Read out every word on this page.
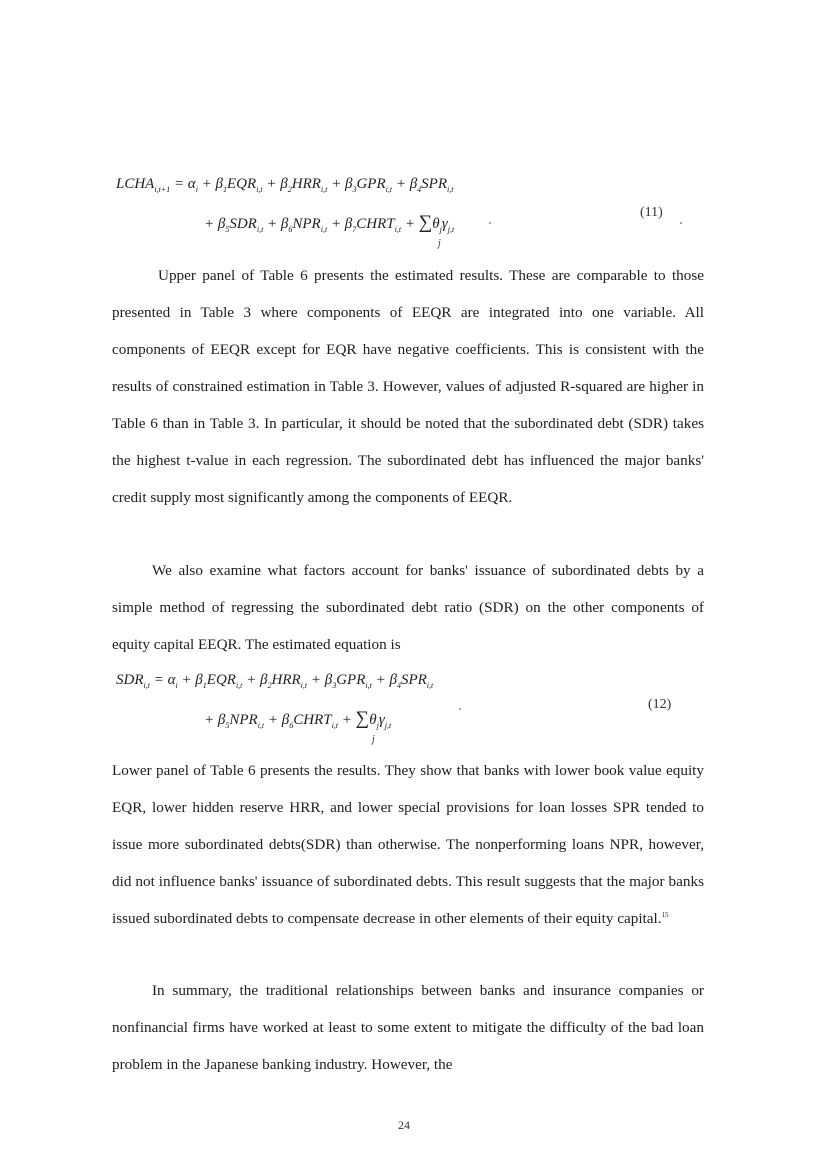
$LCHA_{i,t+1} = \alpha_i + \beta_1EQR_{i,t} + \beta_2HRR_{i,t} + \beta_3GPR_{i,t} + \beta_4SPR_{i,t}$
+ $\beta_5SDR_{i,t} + \beta_6NPR_{i,t}$ + $\beta_7CHRT_{i,t} + \sum\theta_j\gamma_{j,t}$
j
(11)

Upper panel of Table 6 presents the estimated results. These are comparable to those presented in Table 3 where components of EEQR are integrated into one variable. All components of EEQR except for EQR have negative coefficients. This is consistent with the results of constrained estimation in Table 3. However, values of adjusted R-squared are higher in Table 6 than in Table 3. In particular, it should be noted that the subordinated debt (SDR) takes the highest t-value in each regression. The subordinated debt has influenced the major banks' credit supply most significantly among the components of EEQR.

We also examine what factors account for banks' issuance of subordinated debts by a simple method of regressing the subordinated debt ratio (SDR) on the other components of equity capital EEQR. The estimated equation is

$SDR_{i,t} = \alpha_i + \beta_1EQR_{i,t} + \beta_2HRR_{i,t} + \beta_3GPR_{i,t} + \beta_4SPR_{i,t}$
+ $\beta_5NPR_{i,t}$ + $\beta_6CHRT_{i,t} + \sum\theta_j\gamma_{j,t}$
j
(12)

Lower panel of Table 6 presents the results. They show that banks with lower book value equity EQR, lower hidden reserve HRR, and lower special provisions for loan losses SPR tended to issue more subordinated debts(SDR) than otherwise. The nonperforming loans NPR, however, did not influence banks' issuance of subordinated debts. This result suggests that the major banks issued subordinated debts to compensate decrease in other elements of their equity capital.$^{15}$

In summary, the traditional relationships between banks and insurance companies or nonfinancial firms have worked at least to some extent to mitigate the difficulty of the bad loan problem in the Japanese banking industry. However, the

24
